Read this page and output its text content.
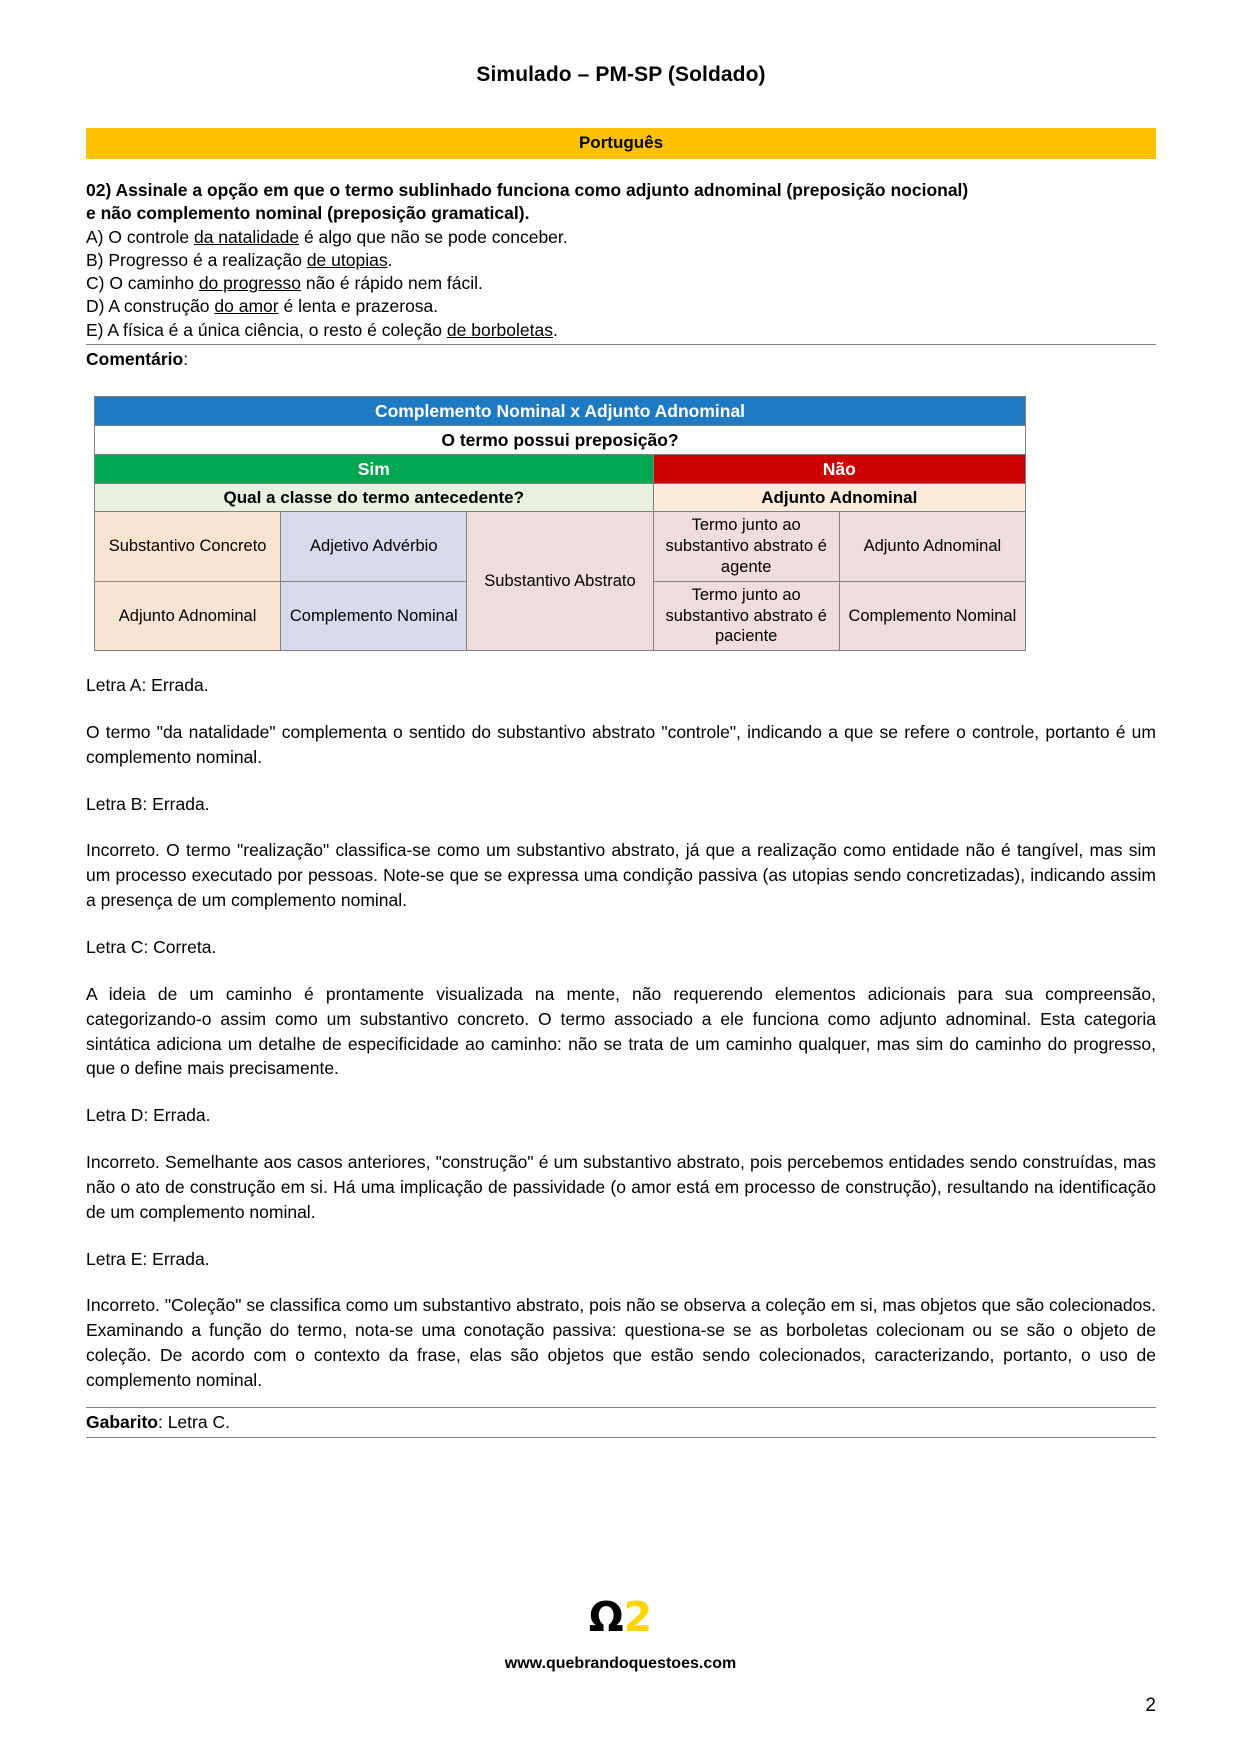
Simulado – PM-SP (Soldado)
Português
02) Assinale a opção em que o termo sublinhado funciona como adjunto adnominal (preposição nocional)
e não complemento nominal (preposição gramatical).
A) O controle da natalidade é algo que não se pode conceber.
B) Progresso é a realização de utopias.
C) O caminho do progresso não é rápido nem fácil.
D) A construção do amor é lenta e prazerosa.
E) A física é a única ciência, o resto é coleção de borboletas.
Comentário:
Complemento Nominal x Adjunto Adnominal				
O termo possui preposição?				
Sim			Não	
Qual a classe do termo antecedente?			Adjunto Adnominal	
Substantivo Concreto	Adjetivo Advérbio	Substantivo Abstrato	Termo junto ao substantivo abstrato é agente	Adjunto Adnominal
Adjunto Adnominal	Complemento Nominal		Termo junto ao substantivo abstrato é paciente	Complemento Nominal

Letra A: Errada.

O termo "da natalidade" complementa o sentido do substantivo abstrato "controle", indicando a que se refere o controle, portanto é um complemento nominal.

Letra B: Errada.

Incorreto. O termo "realização" classifica-se como um substantivo abstrato, já que a realização como entidade não é tangível, mas sim um processo executado por pessoas. Note-se que se expressa uma condição passiva (as utopias sendo concretizadas), indicando assim a presença de um complemento nominal.

Letra C: Correta.

A ideia de um caminho é prontamente visualizada na mente, não requerendo elementos adicionais para sua compreensão, categorizando-o assim como um substantivo concreto. O termo associado a ele funciona como adjunto adnominal. Esta categoria sintática adiciona um detalhe de especificidade ao caminho: não se trata de um caminho qualquer, mas sim do caminho do progresso, que o define mais precisamente.

Letra D: Errada.

Incorreto. Semelhante aos casos anteriores, "construção" é um substantivo abstrato, pois percebemos entidades sendo construídas, mas não o ato de construção em si. Há uma implicação de passividade (o amor está em processo de construção), resultando na identificação de um complemento nominal.

Letra E: Errada.

Incorreto. "Coleção" se classifica como um substantivo abstrato, pois não se observa a coleção em si, mas objetos que são colecionados. Examinando a função do termo, nota-se uma conotação passiva: questiona-se se as borboletas colecionam ou se são o objeto de coleção. De acordo com o contexto da frase, elas são objetos que estão sendo colecionados, caracterizando, portanto, o uso de complemento nominal.

Gabarito: Letra C.
Ω2
www.quebrandoquestoes.com
2
